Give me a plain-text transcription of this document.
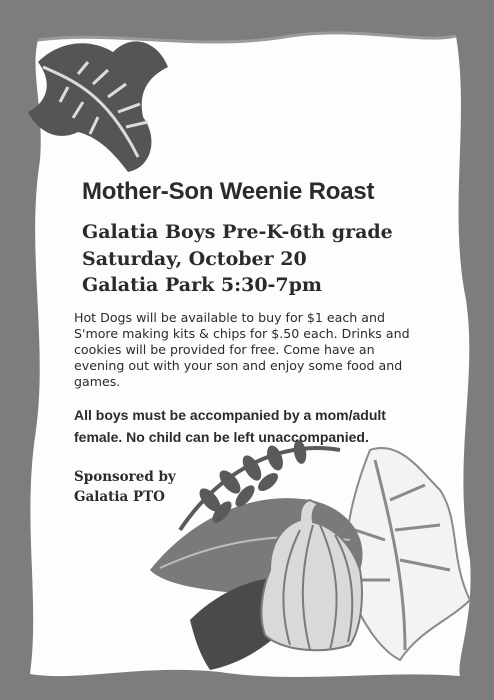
Mother-Son Weenie Roast
Galatia Boys Pre-K-6th grade
Saturday, October 20
Galatia Park 5:30-7pm

Hot Dogs will be available to buy for $1 each and S'more making kits & chips for $.50 each. Drinks and cookies will be provided for free. Come have an evening out with your son and enjoy some food and games.

All boys must be accompanied by a mom/adult female. No child can be left unaccompanied.

Sponsored by
Galatia PTO
